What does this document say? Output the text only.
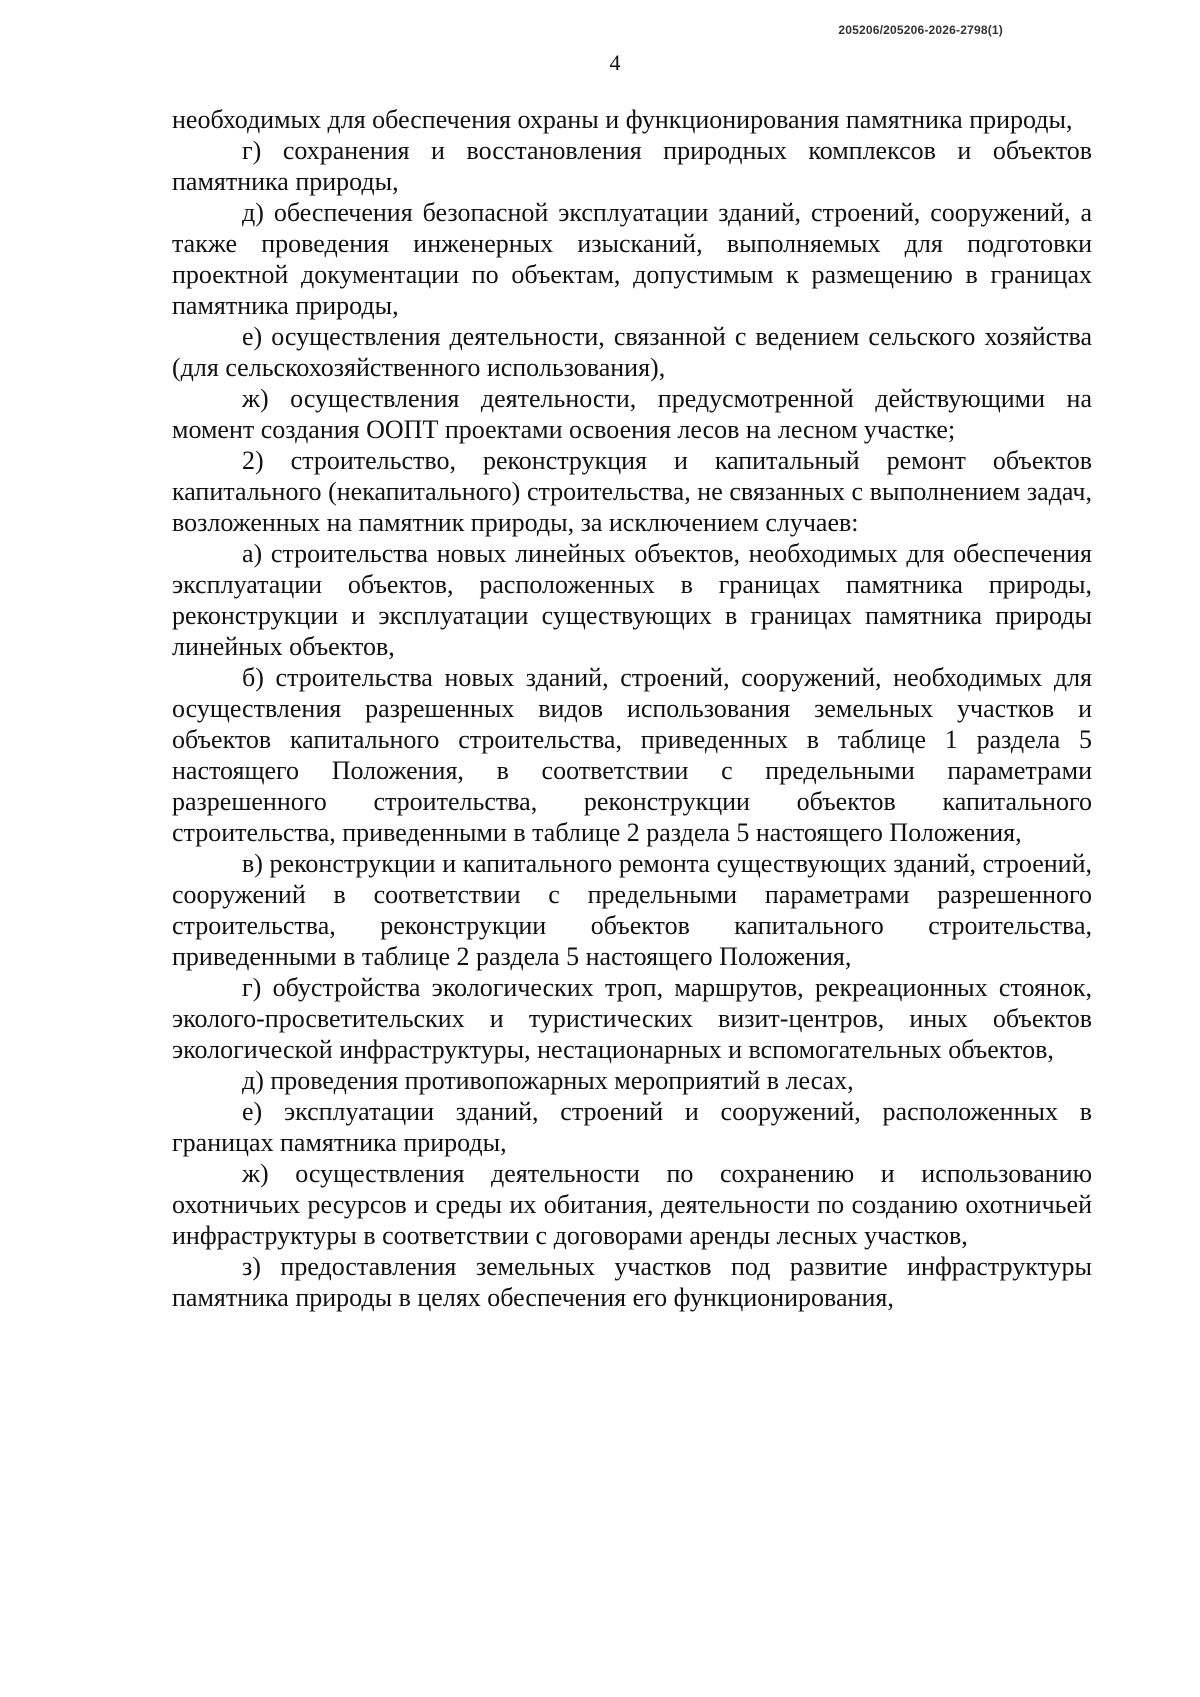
205206/205206-2026-2798(1)
4

необходимых для обеспечения охраны и функционирования памятника природы,

г) сохранения и восстановления природных комплексов и объектов памятника природы,

д) обеспечения безопасной эксплуатации зданий, строений, сооружений, а также проведения инженерных изысканий, выполняемых для подготовки проектной документации по объектам, допустимым к размещению в границах памятника природы,

е) осуществления деятельности, связанной с ведением сельского хозяйства (для сельскохозяйственного использования),

ж) осуществления деятельности, предусмотренной действующими на момент создания ООПТ проектами освоения лесов на лесном участке;

2) строительство, реконструкция и капитальный ремонт объектов капитального (некапитального) строительства, не связанных с выполнением задач, возложенных на памятник природы, за исключением случаев:

а) строительства новых линейных объектов, необходимых для обеспечения эксплуатации объектов, расположенных в границах памятника природы, реконструкции и эксплуатации существующих в границах памятника природы линейных объектов,

б) строительства новых зданий, строений, сооружений, необходимых для осуществления разрешенных видов использования земельных участков и объектов капитального строительства, приведенных в таблице 1 раздела 5 настоящего Положения, в соответствии с предельными параметрами разрешенного строительства, реконструкции объектов капитального строительства, приведенными в таблице 2 раздела 5 настоящего Положения,

в) реконструкции и капитального ремонта существующих зданий, строений, сооружений в соответствии с предельными параметрами разрешенного строительства, реконструкции объектов капитального строительства, приведенными в таблице 2 раздела 5 настоящего Положения,

г) обустройства экологических троп, маршрутов, рекреационных стоянок, эколого-просветительских и туристических визит-центров, иных объектов экологической инфраструктуры, нестационарных и вспомогательных объектов,

д) проведения противопожарных мероприятий в лесах,

е) эксплуатации зданий, строений и сооружений, расположенных в границах памятника природы,

ж) осуществления деятельности по сохранению и использованию охотничьих ресурсов и среды их обитания, деятельности по созданию охотничьей инфраструктуры в соответствии с договорами аренды лесных участков,

з) предоставления земельных участков под развитие инфраструктуры памятника природы в целях обеспечения его функционирования,
